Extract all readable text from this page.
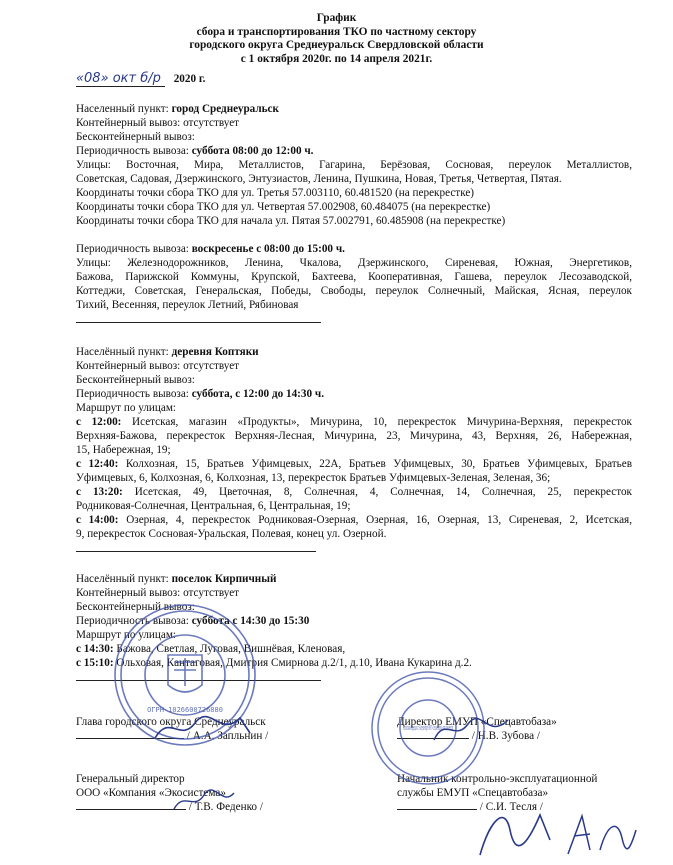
График
сбора и транспортирования ТКО по частному сектору
городского округа Среднеуральск Свердловской области
с 1 октября 2020г. по 14 апреля 2021г.
«08» окт б/р 2020 г.
Населенный пункт: город Среднеуральск
Контейнерный вывоз: отсутствует
Бесконтейнерный вывоз:
Периодичность вывоза: суббота 08:00 до 12:00 ч.
Улицы: Восточная, Мира, Металлистов, Гагарина, Берёзовая, Сосновая, переулок Металлистов,
Советская, Садовая, Дзержинского, Энтузиастов, Ленина, Пушкина, Новая, Третья, Четвертая, Пятая.
Координаты точки сбора ТКО для ул. Третья 57.003110, 60.481520 (на перекрестке)
Координаты точки сбора ТКО для ул. Четвертая 57.002908, 60.484075 (на перекрестке)
Координаты точки сбора ТКО для начала ул. Пятая 57.002791, 60.485908 (на перекрестке)
Периодичность вывоза: воскресенье с 08:00 до 15:00 ч.
Улицы: Железнодорожников, Ленина, Чкалова, Дзержинского, Сиреневая, Южная, Энергетиков,
Бажова, Парижской Коммуны, Крупской, Бахтеева, Кооперативная, Гашева, переулок Лесозаводской,
Коттеджи, Советская, Генеральская, Победы, Свободы, переулок Солнечный, Майская, Ясная, переулок
Тихий, Весенняя, переулок Летний, Рябиновая
Населённый пункт: деревня Коптяки
Контейнерный вывоз: отсутствует
Бесконтейнерный вывоз:
Периодичность вывоза: суббота, с 12:00 до 14:30 ч.
Маршрут по улицам:
с 12:00: Исетская, магазин «Продукты», Мичурина, 10, перекресток Мичурина-Верхняя, перекресток
Верхняя-Бажова, перекресток Верхняя-Лесная, Мичурина, 23, Мичурина, 43, Верхняя, 26, Набережная,
15, Набережная, 19;
с 12:40: Колхозная, 15, Братьев Уфимцевых, 22А, Братьев Уфимцевых, 30, Братьев Уфимцевых, Братьев
Уфимцевых, 6, Колхозная, 6, Колхозная, 13, перекресток Братьев Уфимцевых-Зеленая, Зеленая, 36;
с 13:20: Исетская, 49, Цветочная, 8, Солнечная, 4, Солнечная, 14, Солнечная, 25, перекресток
Родниковая-Солнечная, Центральная, 6, Центральная, 19;
с 14:00: Озерная, 4, перекресток Родниковая-Озерная, Озерная, 16, Озерная, 13, Сиреневая, 2, Исетская,
9, перекресток Сосновая-Уральская, Полевая, конец ул. Озерной.
Населённый пункт: поселок Кирпичный
Контейнерный вывоз: отсутствует
Бесконтейнерный вывоз:
Периодичность вывоза: суббота с 14:30 до 15:30
Маршрут по улицам:
с 14:30: Бажова, Светлая, Луговая, Вишнёвая, Кленовая,
с 15:10: Ольховая, Кантаговая, Дмитрия Смирнова д.2/1, д.10, Ивана Кукарина д.2.
Глава городского округа Среднеуральск
/ А.А. Запльнин /
Директор ЕМУП «Спецавтобаза»
/ Н.В. Зубова /
Генеральный директор
ООО «Компания «Экосистема»
/ Т.В. Феденко /
Начальник контрольно-эксплуатационной
службы ЕМУП «Спецавтобаза»
/ С.И. Тесля /
ОГРН 1026600726880
Российская Федерация г. Екатеринбург ЕМУП «Спецавтобаза» для документов
